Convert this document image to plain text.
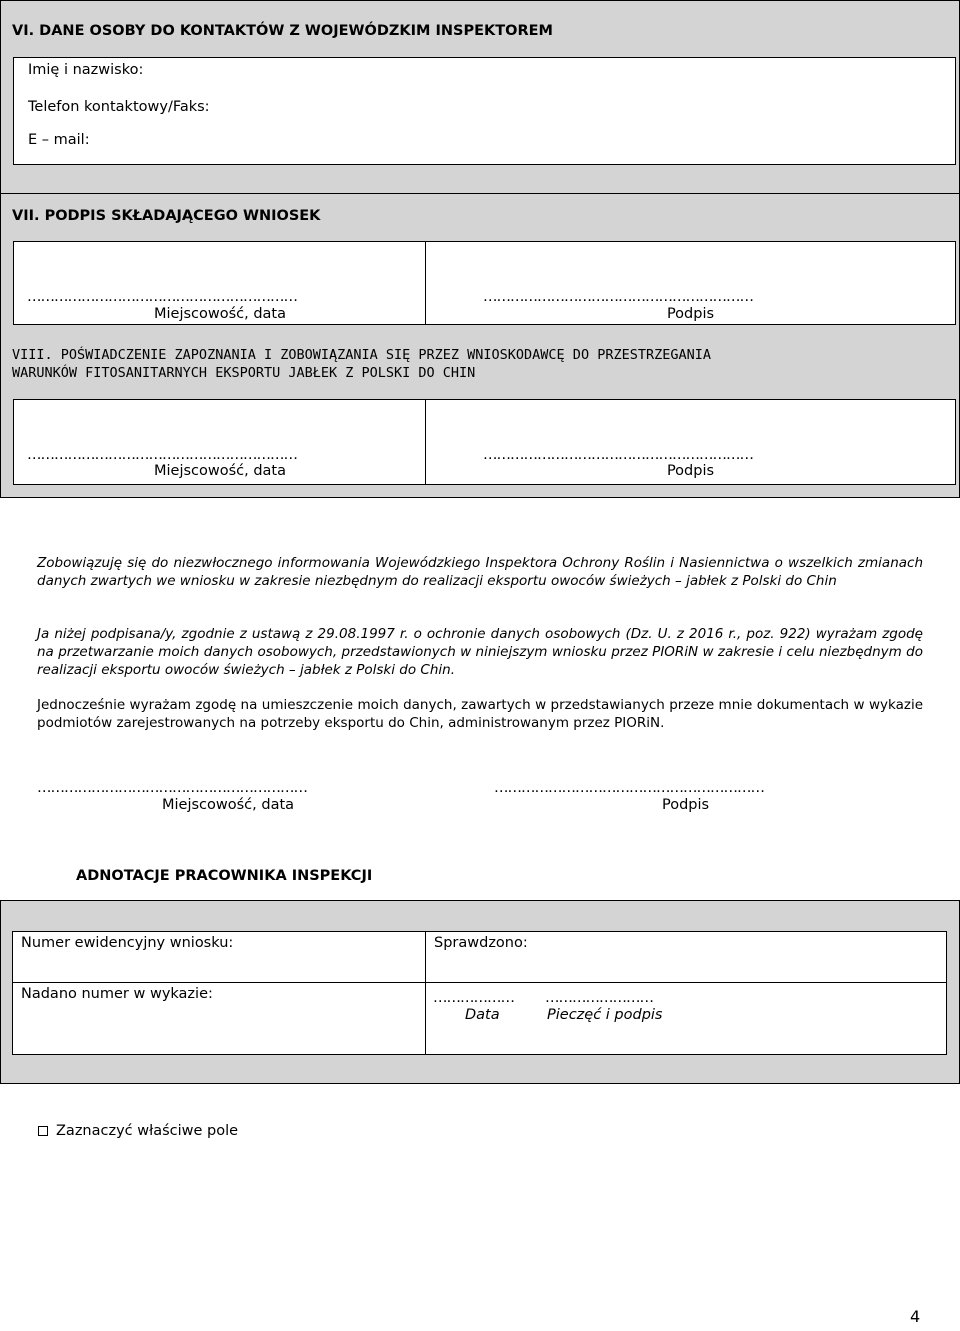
VI. DANE OSOBY DO KONTAKTÓW Z WOJEWÓDZKIM INSPEKTOREM
Imię i nazwisko:
Telefon kontaktowy/Faks:
E – mail:
VII. PODPIS SKŁADAJĄCEGO WNIOSEK
……………………………………………………
Miejscowość, data
……………………………………………………
Podpis
VIII. POŚWIADCZENIE ZAPOZNANIA I ZOBOWIĄZANIA SIĘ PRZEZ WNIOSKODAWCĘ DO PRZESTRZEGANIA
WARUNKÓW FITOSANITARNYCH EKSPORTU JABŁEK Z POLSKI DO CHIN
……………………………………………………
Miejscowość, data
……………………………………………………
Podpis
Zobowiązuję się do niezwłocznego informowania Wojewódzkiego Inspektora Ochrony Roślin i Nasiennictwa o wszelkich zmianach danych zwartych we wniosku w zakresie niezbędnym do realizacji eksportu owoców świeżych – jabłek z Polski do Chin
Ja niżej podpisana/y, zgodnie z ustawą z 29.08.1997 r. o ochronie danych osobowych (Dz. U. z 2016 r., poz. 922) wyrażam zgodę na przetwarzanie moich danych osobowych, przedstawionych w niniejszym wniosku przez PIORiN w zakresie i celu niezbędnym do realizacji eksportu owoców świeżych – jabłek z Polski do Chin.
Jednocześnie wyrażam zgodę na umieszczenie moich danych, zawartych w przedstawianych przeze mnie dokumentach w wykazie podmiotów zarejestrowanych na potrzeby eksportu do Chin, administrowanym przez PIORiN.
……………………………………………………
Miejscowość, data
……………………………………………………
Podpis
ADNOTACJE PRACOWNIKA INSPEKCJI
Numer ewidencyjny wniosku:	Sprawdzono:
Nadano numer w wykazie:	………………
Data
……………………
Pieczęć i podpis
Zaznaczyć właściwe pole
4
